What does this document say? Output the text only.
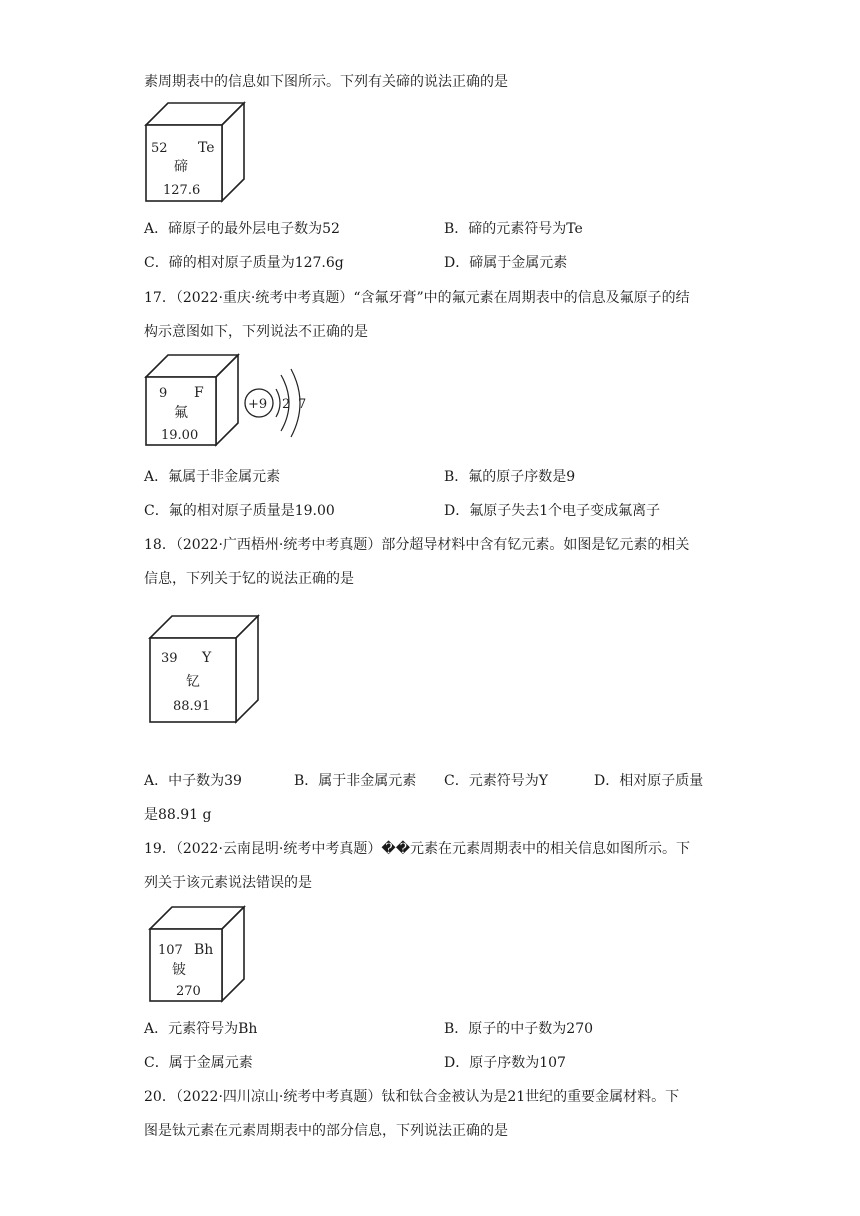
素周期表中的信息如下图所示。下列有关碲的说法正确的是
52 Te
碲
127.6
A．碲原子的最外层电子数为52	B．碲的元素符号为Te
C．碲的相对原子质量为127.6g	D．碲属于金属元素
17．（2022·重庆·统考中考真题）“含氟牙膏”中的氟元素在周期表中的信息及氟原子的结
构示意图如下，下列说法不正确的是
9 F
氟
19.00
+9 2 7
A．氟属于非金属元素	B．氟的原子序数是9
C．氟的相对原子质量是19.00	D．氟原子失去1个电子变成氟离子
18．（2022·广西梧州·统考中考真题）部分超导材料中含有钇元素。如图是钇元素的相关
信息，下列关于钇的说法正确的是
39 Y
钇
88.91
A．中子数为39	B．属于非金属元素 C．元素符号为Y	D．相对原子质量
是88.91 g
19．（2022·云南昆明·统考中考真题）��元素在元素周期表中的相关信息如图所示。下
列关于该元素说法错误的是
107 Bh
铍
270
A．元素符号为Bh	B．原子的中子数为270
C．属于金属元素	D．原子序数为107
20．（2022·四川凉山·统考中考真题）钛和钛合金被认为是21世纪的重要金属材料。下
图是钛元素在元素周期表中的部分信息，下列说法正确的是
